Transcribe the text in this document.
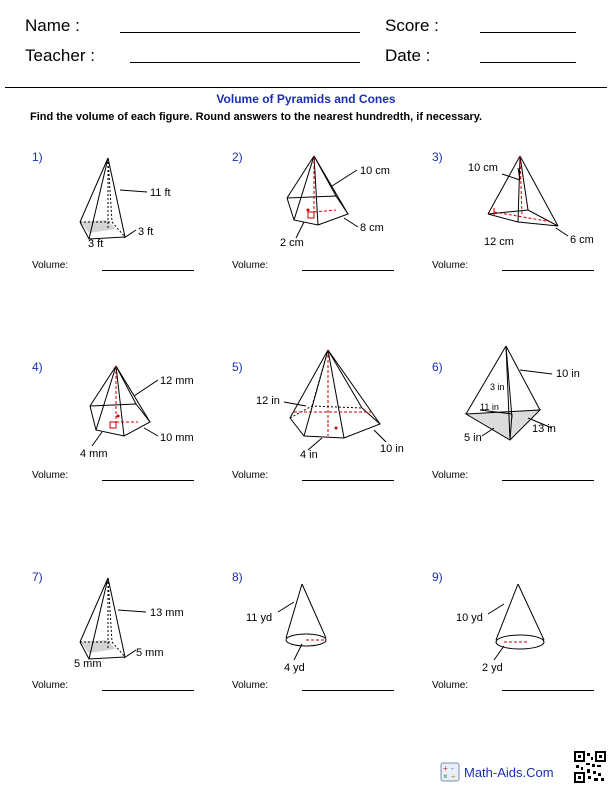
Name :
Teacher :
Score :
Date :
Volume of Pyramids and Cones
Find the volume of each figure. Round answers to the nearest hundredth, if necessary.
1)
11 ft
3 ft
3 ft
Volume:
2)
10 cm
8 cm
2 cm
Volume:
3)
10 cm
12 cm	6 cm
Volume:
4)
12 mm
10 mm
4 mm
Volume:
5)
12 in
4 in	10 in
Volume:
6)	10 in
3 in
11 in
13 in
5 in
Volume:
7)
13 mm
5 mm
5 mm
Volume:
8)
11 yd
4 yd
Volume:
9)
10 yd
2 yd
Volume:
+ -
× ÷ Math-Aids.Com
